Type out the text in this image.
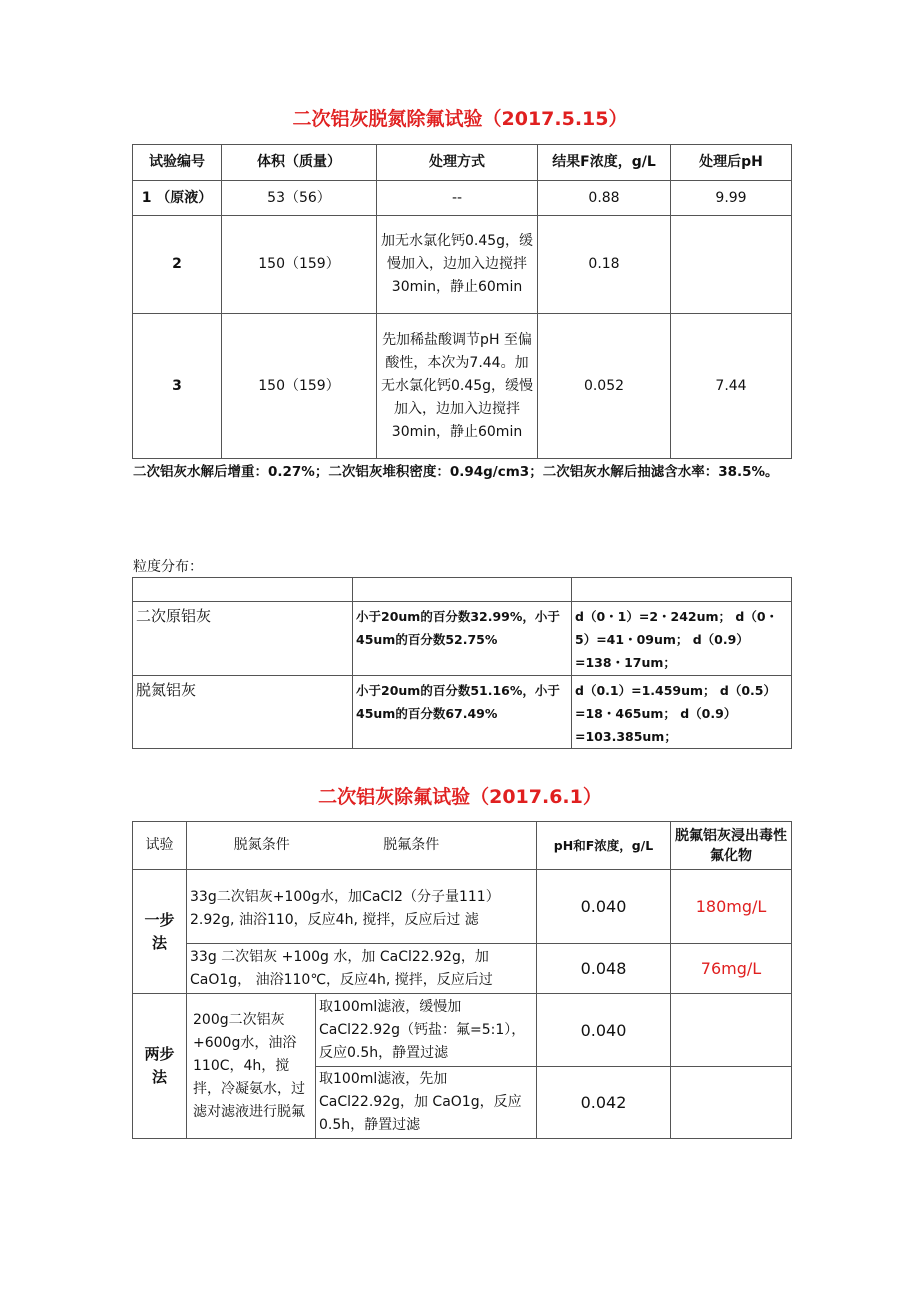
二次铝灰脱氮除氟试验（2017.5.15）
试验编号	体积（质量）	处理方式	结果F浓度，g/L	处理后pH
1 （原液）	53（56）	--	0.88	9.99
2	150（159）	加无水氯化钙0.45g，缓慢加入，边加入边搅拌30min，静止60min	0.18	
3	150（159）	先加稀盐酸调节pH 至偏酸性，本次为7.44。加无水氯化钙0.45g，缓慢加入，边加入边搅拌30min，静止60min	0.052	7.44
二次铝灰水解后增重：0.27%；二次铝灰堆积密度：0.94g/cm3；二次铝灰水解后抽滤含水率：38.5%。
粒度分布：

二次原铝灰	小于20um的百分数32.99%，小于45um的百分数52.75%	d（0・1）=2・242um； d（0・5）=41・09um； d（0.9）=138・17um；
脱氮铝灰	小于20um的百分数51.16%，小于45um的百分数67.49%	d（0.1）=1.459um； d（0.5）=18・465um； d（0.9）=103.385um；
二次铝灰除氟试验（2017.6.1）
试验	脱氮条件 脱氟条件		pH和F浓度，g/L	脱氟铝灰浸出毒性氟化物
一步法	33g二次铝灰+100g水，加CaCl2（分子量111）2.92g, 油浴110，反应4h, 搅拌，反应后过 滤		0.040	180mg/L
	33g 二次铝灰 +100g 水，加 CaCl22.92g，加 CaO1g， 油浴110℃，反应4h, 搅拌，反应后过		0.048	76mg/L
两步法	200g二次铝灰+600g水，油浴110C，4h，搅拌，冷凝氨水，过滤对滤液进行脱氟	取100ml滤液，缓慢加CaCl22.92g（钙盐：氟=5:1）， 反应0.5h，静置过滤	0.040	
		取100ml滤液，先加CaCl22.92g，加 CaO1g，反应0.5h，静置过滤	0.042	
